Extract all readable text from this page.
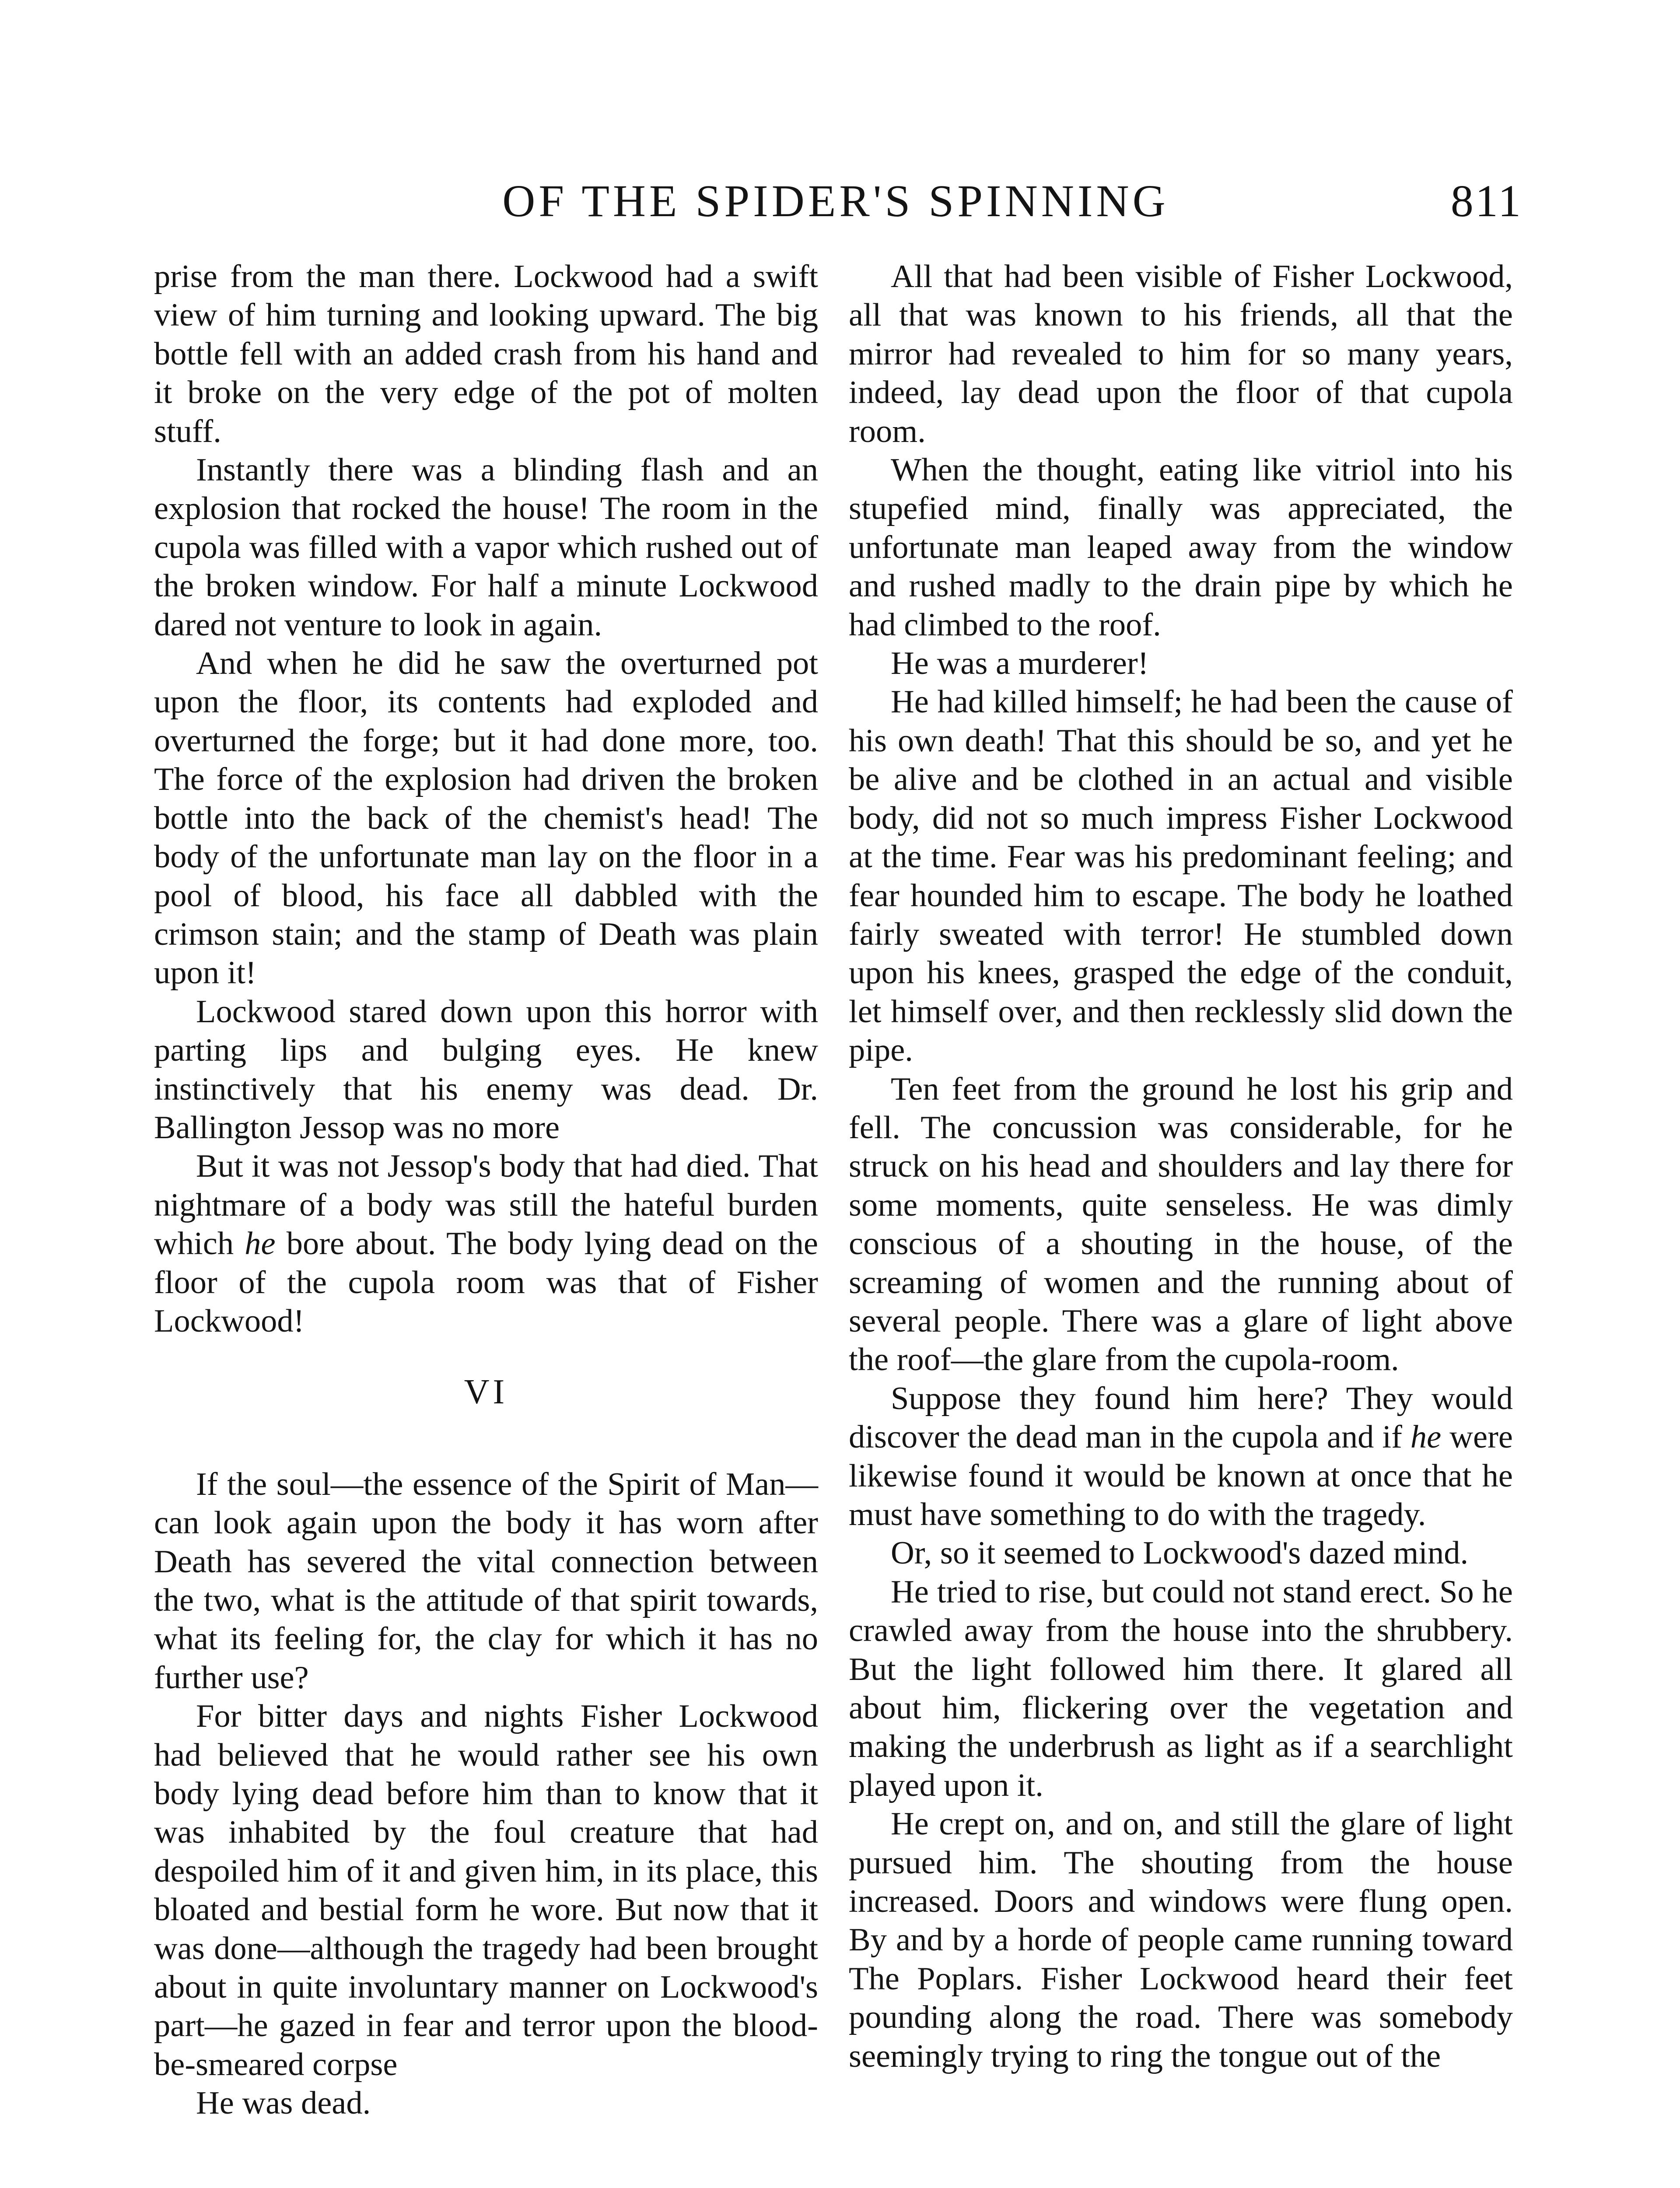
OF THE SPIDER'S SPINNING	811

prise from the man there. Lockwood had a swift view of him turning and looking upward. The big bottle fell with an added crash from his hand and it broke on the very edge of the pot of molten stuff.

Instantly there was a blinding flash and an explosion that rocked the house! The room in the cupola was filled with a vapor which rushed out of the broken window. For half a minute Lockwood dared not venture to look in again.

And when he did he saw the overturned pot upon the floor, its contents had exploded and overturned the forge; but it had done more, too. The force of the explosion had driven the broken bottle into the back of the chemist's head! The body of the unfortunate man lay on the floor in a pool of blood, his face all dabbled with the crimson stain; and the stamp of Death was plain upon it!

Lockwood stared down upon this horror with parting lips and bulging eyes. He knew instinctively that his enemy was dead. Dr. Ballington Jessop was no more

But it was not Jessop's body that had died. That nightmare of a body was still the hateful burden which he bore about. The body lying dead on the floor of the cupola room was that of Fisher Lockwood!

VI

If the soul—the essence of the Spirit of Man—can look again upon the body it has worn after Death has severed the vital connection between the two, what is the attitude of that spirit towards, what its feeling for, the clay for which it has no further use?

For bitter days and nights Fisher Lockwood had believed that he would rather see his own body lying dead before him than to know that it was inhabited by the foul creature that had despoiled him of it and given him, in its place, this bloated and bestial form he wore. But now that it was done—although the tragedy had been brought about in quite involuntary manner on Lockwood's part—he gazed in fear and terror upon the blood-be-smeared corpse

He was dead.

All that had been visible of Fisher Lockwood, all that was known to his friends, all that the mirror had revealed to him for so many years, indeed, lay dead upon the floor of that cupola room.

When the thought, eating like vitriol into his stupefied mind, finally was appreciated, the unfortunate man leaped away from the window and rushed madly to the drain pipe by which he had climbed to the roof.

He was a murderer!

He had killed himself; he had been the cause of his own death! That this should be so, and yet he be alive and be clothed in an actual and visible body, did not so much impress Fisher Lockwood at the time. Fear was his predominant feeling; and fear hounded him to escape. The body he loathed fairly sweated with terror! He stumbled down upon his knees, grasped the edge of the conduit, let himself over, and then recklessly slid down the pipe.

Ten feet from the ground he lost his grip and fell. The concussion was considerable, for he struck on his head and shoulders and lay there for some moments, quite senseless. He was dimly conscious of a shouting in the house, of the screaming of women and the running about of several people. There was a glare of light above the roof—the glare from the cupola-room.

Suppose they found him here? They would discover the dead man in the cupola and if he were likewise found it would be known at once that he must have something to do with the tragedy.

Or, so it seemed to Lockwood's dazed mind.

He tried to rise, but could not stand erect. So he crawled away from the house into the shrubbery. But the light followed him there. It glared all about him, flickering over the vegetation and making the underbrush as light as if a searchlight played upon it.

He crept on, and on, and still the glare of light pursued him. The shouting from the house increased. Doors and windows were flung open. By and by a horde of people came running toward The Poplars. Fisher Lockwood heard their feet pounding along the road. There was somebody seemingly trying to ring the tongue out of the
